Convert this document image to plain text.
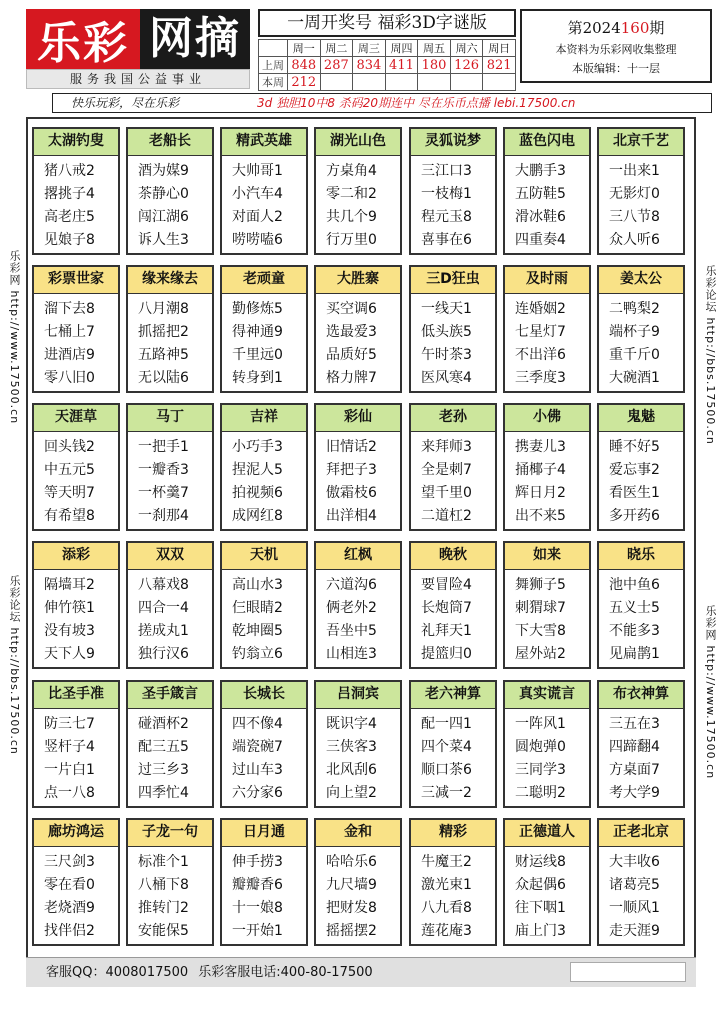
乐彩 网摘
服务我国公益事业
一周开奖号 福彩3D字谜版
	周一	周二	周三	周四	周五	周六	周日
上周	848	287	834	411	180	126	821
本周	212						
第2024160期
本资料为乐彩网收集整理
本版编辑：十一层
快乐玩彩，尽在乐彩	3d 独胆10中8 杀码20期连中 尽在乐币点播 lebi.17500.cn
乐彩网 http://www.17500.cn
乐彩论坛 http://bbs.17500.cn
乐彩论坛 http://bbs.17500.cn
乐彩网 http://www.17500.cn
太湖钓叟
猪八戒2
撂挑子4
高老庄5
见娘子8
老船长
酒为媒9
茶静心0
闯江湖6
诉人生3
精武英雄
大帅哥1
小汽车4
对面人2
唠唠嗑6
湖光山色
方桌角4
零二和2
共几个9
行万里0
灵狐说梦
三江口3
一枝梅1
程元玉8
喜事在6
蓝色闪电
大鹏手3
五防鞋5
滑冰鞋6
四重奏4
北京千艺
一出来1
无影灯0
三八节8
众人听6
彩票世家
溜下去8
七桶上7
进酒店9
零八旧0
缘来缘去
八月潮8
抓摇把2
五路神5
无以陆6
老顽童
勤修炼5
得神通9
千里远0
转身到1
大胜寨
买空调6
选最爱3
品质好5
格力牌7
三D狂虫
一线天1
低头族5
午时茶3
医风寒4
及时雨
连婚姻2
七星灯7
不出洋6
三季度3
姜太公
二鸭梨2
端杯子9
重千斤0
大碗酒1
天涯草
回头钱2
中五元5
等天明7
有希望8
马丁
一把手1
一瓣香3
一杯羹7
一刹那4
吉祥
小巧手3
捏泥人5
拍视频6
成网红8
彩仙
旧情话2
拜把子3
傲霜枝6
出洋相4
老孙
来拜师3
全是刺7
望千里0
二道杠2
小佛
携妻儿3
捅椰子4
辉日月2
出不来5
鬼魅
睡不好5
爱忘事2
看医生1
多开药6
添彩
隔墙耳2
伸竹筷1
没有坡3
天下人9
双双
八幕戏8
四合一4
搓成丸1
独行汉6
天机
高山水3
仨眼睛2
乾坤圈5
钓翁立6
红枫
六道沟6
俩老外2
吾坐中5
山相连3
晚秋
要冒险4
长炮筒7
礼拜天1
提篮归0
如来
舞狮子5
刺猬球7
下大雪8
屋外站2
晓乐
池中鱼6
五义士5
不能多3
见扁鹊1
比圣手准
防三七7
竖杆子4
一片白1
点一八8
圣手箴言
碰酒杯2
配三五5
过三乡3
四季忙4
长城长
四不像4
端瓷碗7
过山车3
六分家6
吕洞宾
既识字4
三侠客3
北风刮6
向上望2
老六神算
配一四1
四个菜4
顺口茶6
三减一2
真实谎言
一阵风1
圆炮弹0
三同学3
二聪明2
布衣神算
三五在3
四蹄翻4
方桌面7
考大学9
廊坊鸿运
三尺剑3
零在看0
老烧酒9
找伴侣2
子龙一句
标准个1
八桶下8
推转门2
安能保5
日月通
伸手捞3
瓣瓣香6
十一娘8
一开始1
金和
哈哈乐6
九尺墙9
把财发8
摇摇摆2
精彩
牛魔王2
激光束1
八九看8
莲花庵3
正德道人
财运线8
众起偶6
往下咽1
庙上门3
正老北京
大丰收6
诸葛亮5
一顺风1
走天涯9
客服QQ：4008017500 乐彩客服电话:400-80-17500
